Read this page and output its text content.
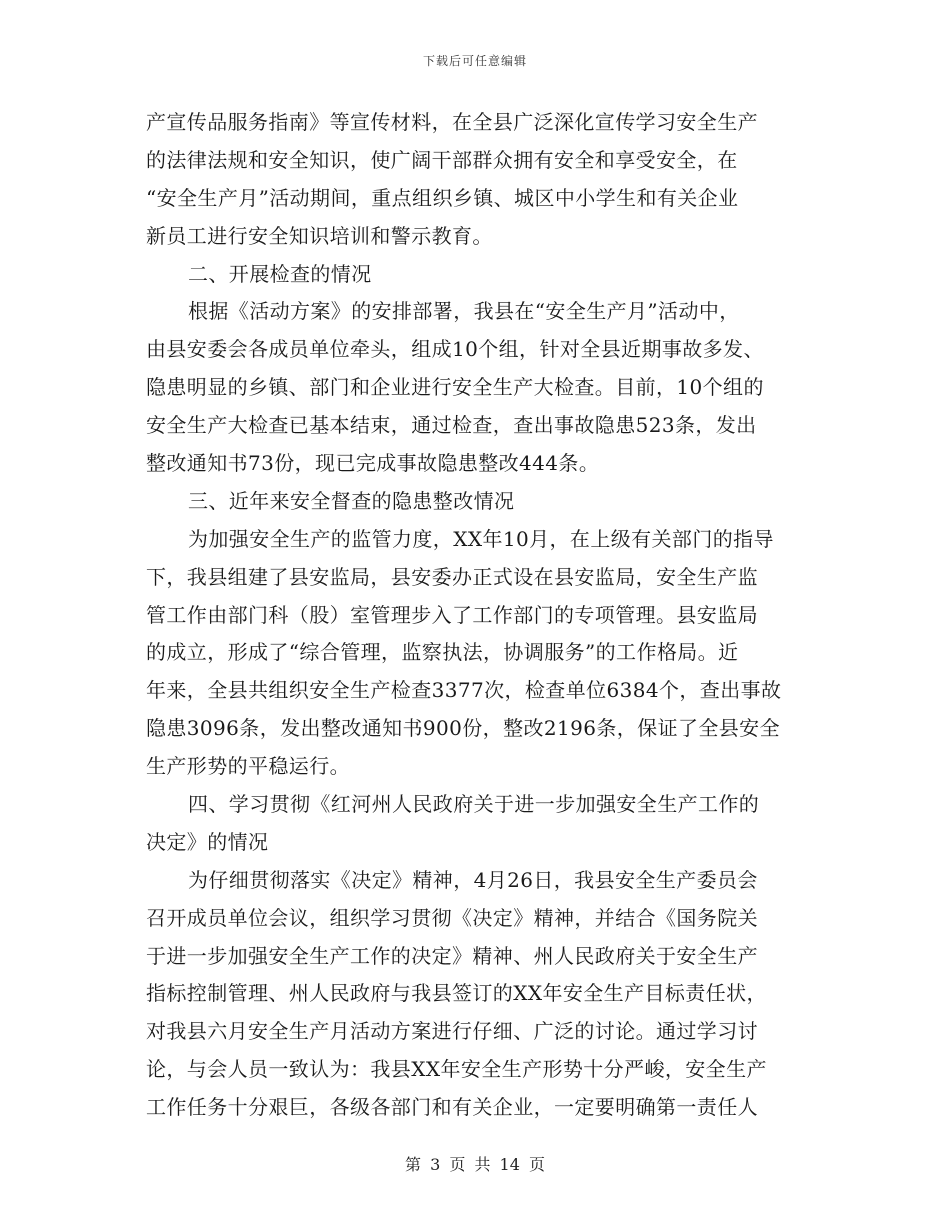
下载后可任意编辑
产宣传品服务指南》等宣传材料，在全县广泛深化宣传学习安全生产
的法律法规和安全知识，使广阔干部群众拥有安全和享受安全，在
“安全生产月”活动期间，重点组织乡镇、城区中小学生和有关企业
新员工进行安全知识培训和警示教育。
二、开展检查的情况
根据《活动方案》的安排部署，我县在“安全生产月”活动中，
由县安委会各成员单位牵头，组成10个组，针对全县近期事故多发、
隐患明显的乡镇、部门和企业进行安全生产大检查。目前，10个组的
安全生产大检查已基本结束，通过检查，查出事故隐患523条，发出
整改通知书73份，现已完成事故隐患整改444条。
三、近年来安全督查的隐患整改情况
为加强安全生产的监管力度，XX年10月，在上级有关部门的指导
下，我县组建了县安监局，县安委办正式设在县安监局，安全生产监
管工作由部门科（股）室管理步入了工作部门的专项管理。县安监局
的成立，形成了“综合管理，监察执法，协调服务”的工作格局。近
年来，全县共组织安全生产检查3377次，检查单位6384个，查出事故
隐患3096条，发出整改通知书900份，整改2196条，保证了全县安全
生产形势的平稳运行。
四、学习贯彻《红河州人民政府关于进一步加强安全生产工作的
决定》的情况
为仔细贯彻落实《决定》精神，4月26日，我县安全生产委员会
召开成员单位会议，组织学习贯彻《决定》精神，并结合《国务院关
于进一步加强安全生产工作的决定》精神、州人民政府关于安全生产
指标控制管理、州人民政府与我县签订的XX年安全生产目标责任状，
对我县六月安全生产月活动方案进行仔细、广泛的讨论。通过学习讨
论，与会人员一致认为：我县XX年安全生产形势十分严峻，安全生产
工作任务十分艰巨，各级各部门和有关企业，一定要明确第一责任人
第 3 页 共 14 页
